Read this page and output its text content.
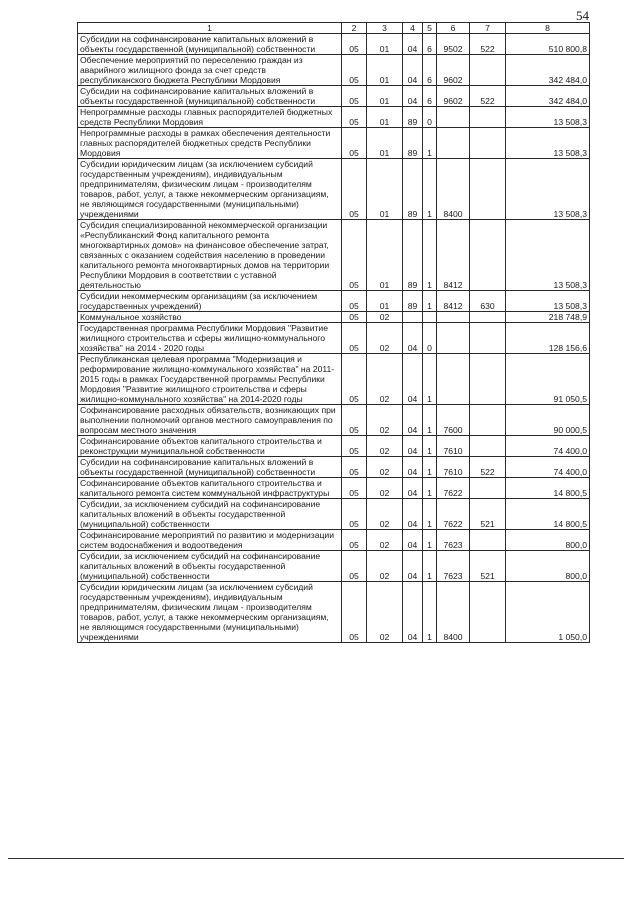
54
1	2	3	4	5	6	7	8
Субсидии на софинансирование капитальных вложений в объекты государственной (муниципальной) собственности	05	01	04	6	9502	522	510 800,8
Обеспечение мероприятий по переселению граждан из аварийного жилищного фонда за счет средств республиканского бюджета Республики Мордовия	05	01	04	6	9602		342 484,0
Субсидии на софинансирование капитальных вложений в объекты государственной (муниципальной) собственности	05	01	04	6	9602	522	342 484,0
Непрограммные расходы главных распорядителей бюджетных средств Республики Мордовия	05	01	89	0			13 508,3
Непрограммные расходы в рамках обеспечения деятельности главных распорядителей бюджетных средств Республики Мордовия	05	01	89	1			13 508,3
Субсидии юридическим лицам (за исключением субсидий государственным учреждениям), индивидуальным предпринимателям, физическим лицам - производителям товаров, работ, услуг, а также некоммерческим организациям, не являющимся государственными (муниципальными) учреждениями	05	01	89	1	8400		13 508,3
Субсидия специализированной некоммерческой организации «Республиканский Фонд капитального ремонта многоквартирных домов» на финансовое обеспечение затрат, связанных с оказанием содействия населению в проведении капитального ремонта многоквартирных домов на территории Республики Мордовия в соответствии с уставной деятельностью	05	01	89	1	8412		13 508,3
Субсидии некоммерческим организациям (за исключением государственных учреждений)	05	01	89	1	8412	630	13 508,3
Коммунальное хозяйство	05	02					218 748,9
Государственная программа Республики Мордовия "Развитие жилищного строительства и сферы жилищно-коммунального хозяйства" на 2014 - 2020 годы	05	02	04	0			128 156,6
Республиканская целевая программа "Модернизация и реформирование жилищно-коммунального хозяйства" на 2011-2015 годы в рамках Государственной программы Республики Мордовия "Развитие жилищного строительства и сферы жилищно-коммунального хозяйства" на 2014-2020 годы	05	02	04	1			91 050,5
Софинансирование расходных обязательств, возникающих при выполнении полномочий органов местного самоуправления по вопросам местного значения	05	02	04	1	7600		90 000,5
Софинансирование объектов капитального строительства и реконструкции муниципальной собственности	05	02	04	1	7610		74 400,0
Субсидии на софинансирование капитальных вложений в объекты государственной (муниципальной) собственности	05	02	04	1	7610	522	74 400,0
Софинансирование объектов капитального строительства и капитального ремонта систем коммунальной инфраструктуры	05	02	04	1	7622		14 800,5
Субсидии, за исключением субсидий на софинансирование капитальных вложений в объекты государственной (муниципальной) собственности	05	02	04	1	7622	521	14 800,5
Софинансирование мероприятий по развитию и модернизации систем водоснабжения и водоотведения	05	02	04	1	7623		800,0
Субсидии, за исключением субсидий на софинансирование капитальных вложений в объекты государственной (муниципальной) собственности	05	02	04	1	7623	521	800,0
Субсидии юридическим лицам (за исключением субсидий государственным учреждениям), индивидуальным предпринимателям, физическим лицам - производителям товаров, работ, услуг, а также некоммерческим организациям, не являющимся государственными (муниципальными) учреждениями	05	02	04	1	8400		1 050,0
